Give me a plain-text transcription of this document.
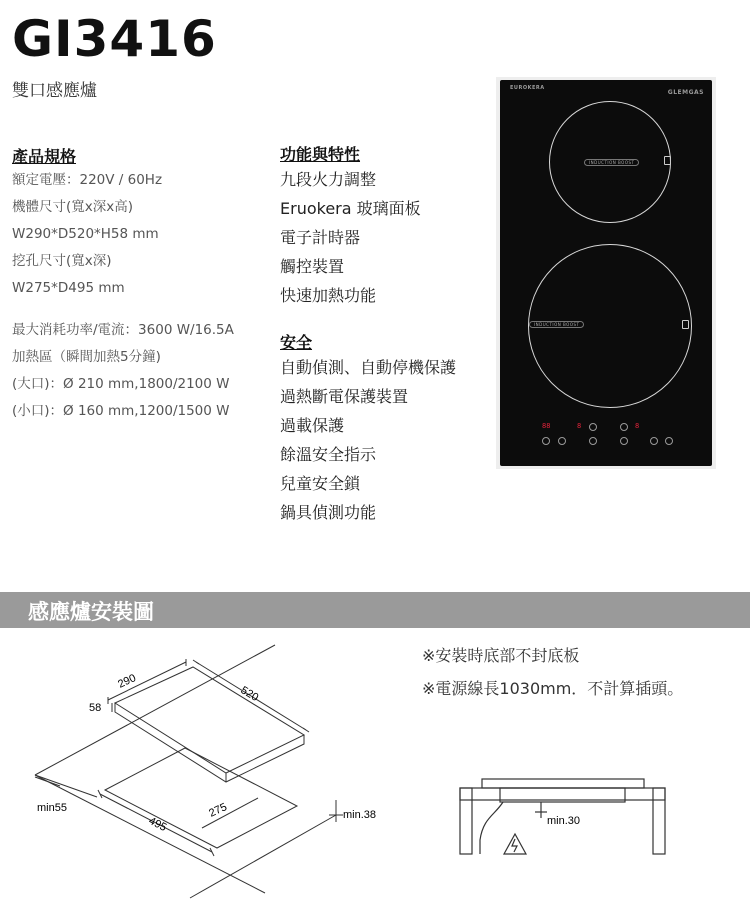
GI3416
雙口感應爐
產品規格
額定電壓：220V / 60Hz
機體尺寸(寬x深x高)
W290*D520*H58 mm
挖孔尺寸(寬x深)
W275*D495 mm
最大消耗功率/電流：3600 W/16.5A
加熱區（瞬間加熱5分鐘)
(大口)：Ø 210 mm,1800/2100 W
(小口)：Ø 160 mm,1200/1500 W
功能與特性
九段火力調整
Eruokera 玻璃面板
電子計時器
觸控裝置
快速加熱功能
安全
自動偵測、自動停機保護
過熱斷電保護裝置
過載保護
餘溫安全指示
兒童安全鎖
鍋具偵測功能
EUROKERA
GLEMGAS
INDUCTION BOOST
INDUCTION BOOST
88	8	8
感應爐安裝圖
※安裝時底部不封底板
※電源線長1030mm．不計算插頭。
290
520
58
275
495
min55
min.38	min.30
